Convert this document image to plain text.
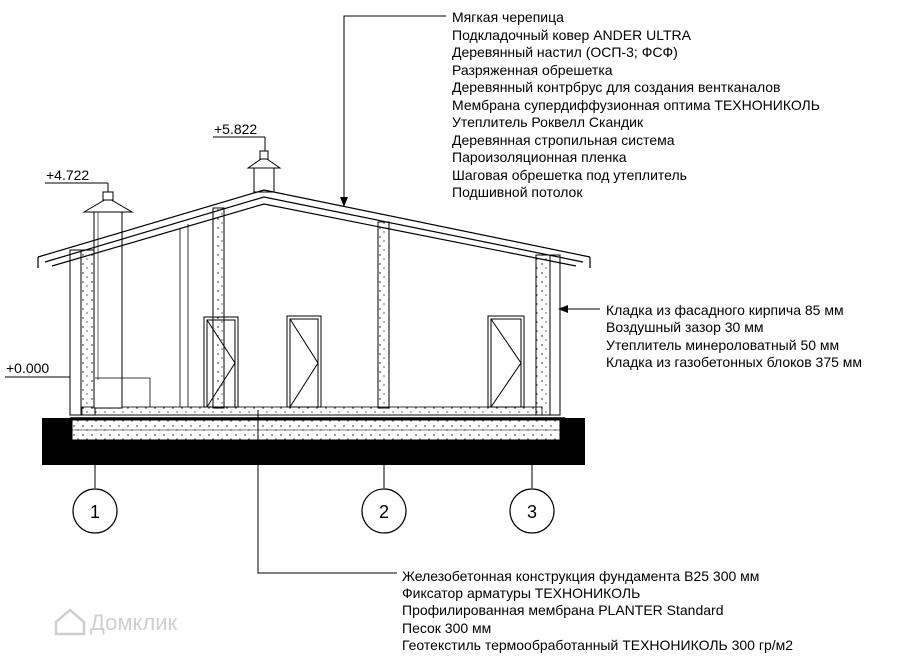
+5.822
+4.722
+0.000
1	2	3
Мягкая черепица
Подкладочный ковер ANDER ULTRA
Деревянный настил (ОСП-3; ФСФ)
Разряженная обрешетка
Деревянный контрбрус для создания вентканалов
Мембрана супердиффузионная оптима ТЕХНОНИКОЛЬ
Утеплитель Роквелл Скандик
Деревянная стропильная система
Пароизоляционная пленка
Шаговая обрешетка под утеплитель
Подшивной потолок
Кладка из фасадного кирпича 85 мм
Воздушный зазор 30 мм
Утеплитель минероловатный 50 мм
Кладка из газобетонных блоков 375 мм
Железобетонная конструкция фундамента В25 300 мм
Фиксатор арматуры ТЕХНОНИКОЛЬ
Профилированная мембрана PLANTER Standard
Песок 300 мм
Геотекстиль термообработанный ТЕХНОНИКОЛЬ 300 гр/м2
Домклик
